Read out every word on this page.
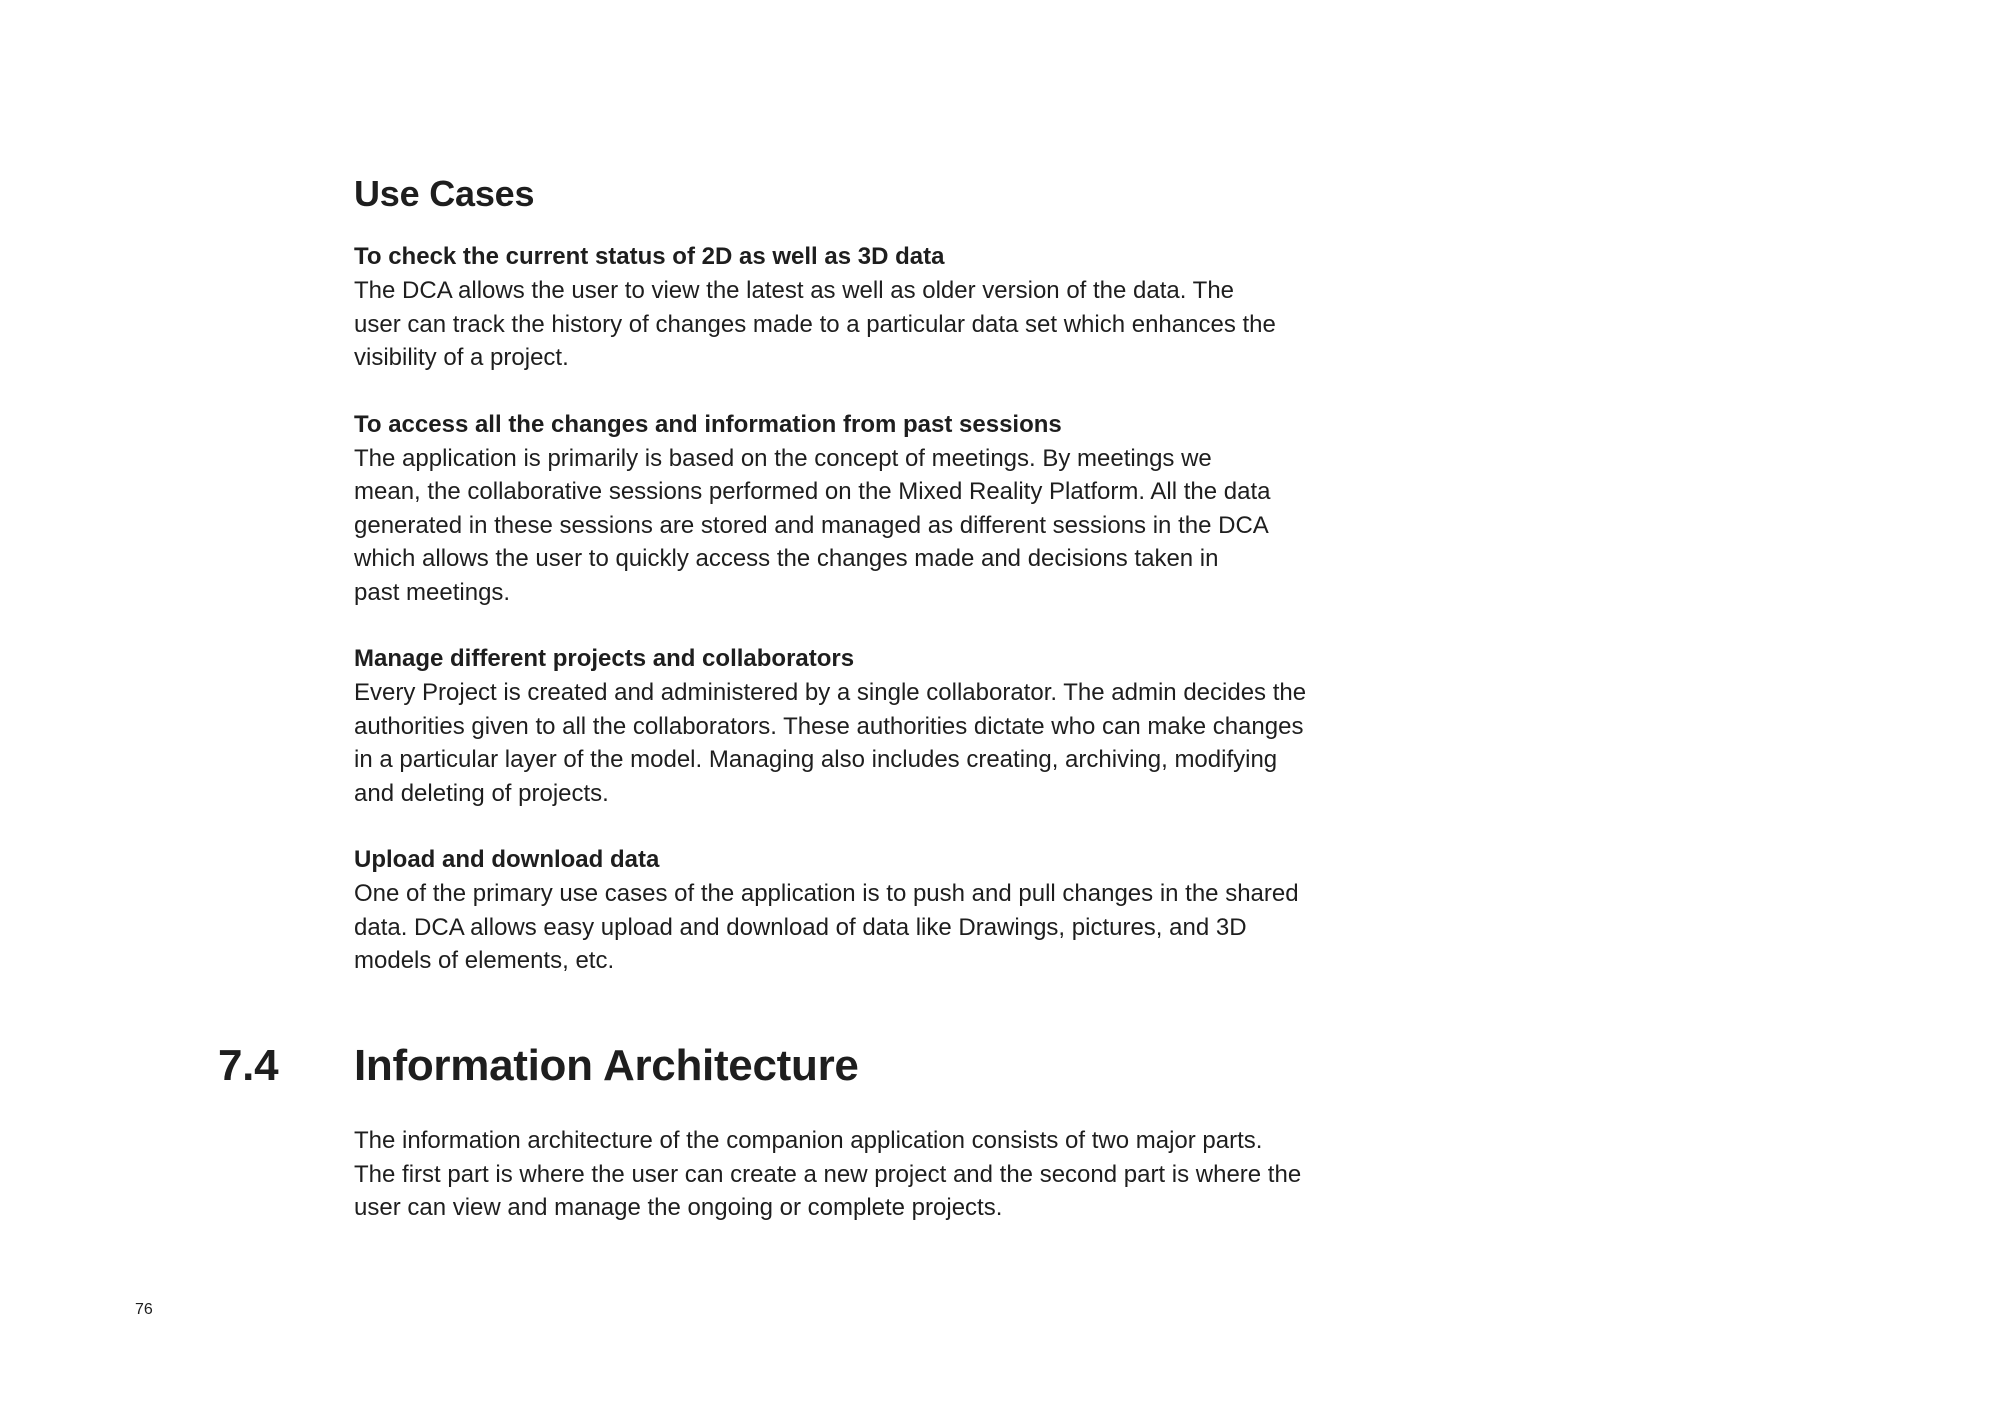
Use Cases

To check the current status of 2D as well as 3D data

The DCA allows the user to view the latest as well as older version of the data. The
user can track the history of changes made to a particular data set which enhances the
visibility of a project.

To access all the changes and information from past sessions

The application is primarily is based on the concept of meetings. By meetings we
mean, the collaborative sessions performed on the Mixed Reality Platform. All the data
generated in these sessions are stored and managed as different sessions in the DCA
which allows the user to quickly access the changes made and decisions taken in
past meetings.

Manage different projects and collaborators

Every Project is created and administered by a single collaborator. The admin decides the
authorities given to all the collaborators. These authorities dictate who can make changes
in a particular layer of the model. Managing also includes creating, archiving, modifying
and deleting of projects.

Upload and download data

One of the primary use cases of the application is to push and pull changes in the shared
data. DCA allows easy upload and download of data like Drawings, pictures, and 3D
models of elements, etc.

7.4	Information Architecture

The information architecture of the companion application consists of two major parts.
The first part is where the user can create a new project and the second part is where the
user can view and manage the ongoing or complete projects.

76
